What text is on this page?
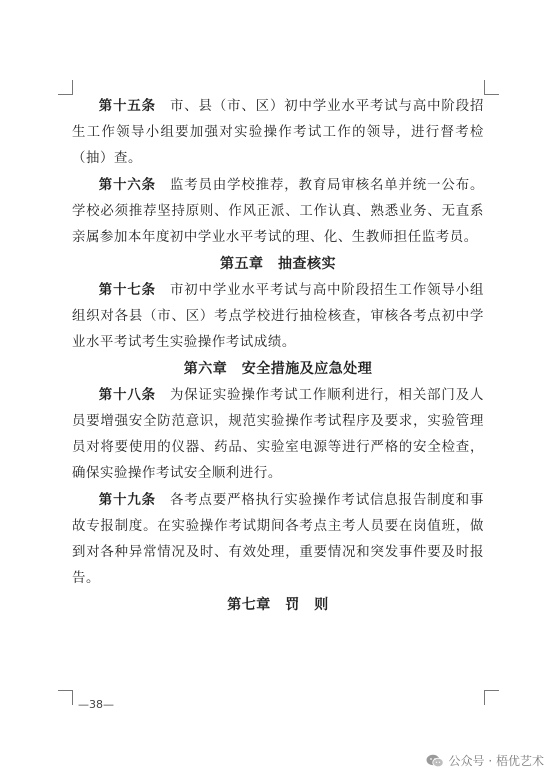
第十五条 市、县（市、区）初中学业水平考试与高中阶段招生工作领导小组要加强对实验操作考试工作的领导，进行督考检（抽）查。

第十六条 监考员由学校推荐，教育局审核名单并统一公布。学校必须推荐坚持原则、作风正派、工作认真、熟悉业务、无直系亲属参加本年度初中学业水平考试的理、化、生教师担任监考员。

第五章　抽查核实

第十七条 市初中学业水平考试与高中阶段招生工作领导小组组织对各县（市、区）考点学校进行抽检核查，审核各考点初中学业水平考试考生实验操作考试成绩。

第六章　安全措施及应急处理

第十八条 为保证实验操作考试工作顺利进行，相关部门及人员要增强安全防范意识，规范实验操作考试程序及要求，实验管理员对将要使用的仪器、药品、实验室电源等进行严格的安全检查，确保实验操作考试安全顺利进行。

第十九条 各考点要严格执行实验操作考试信息报告制度和事故专报制度。在实验操作考试期间各考点主考人员要在岗值班，做到对各种异常情况及时、有效处理，重要情况和突发事件要及时报告。

第七章　罚　则
—38—
公众号 · 梧优艺术
